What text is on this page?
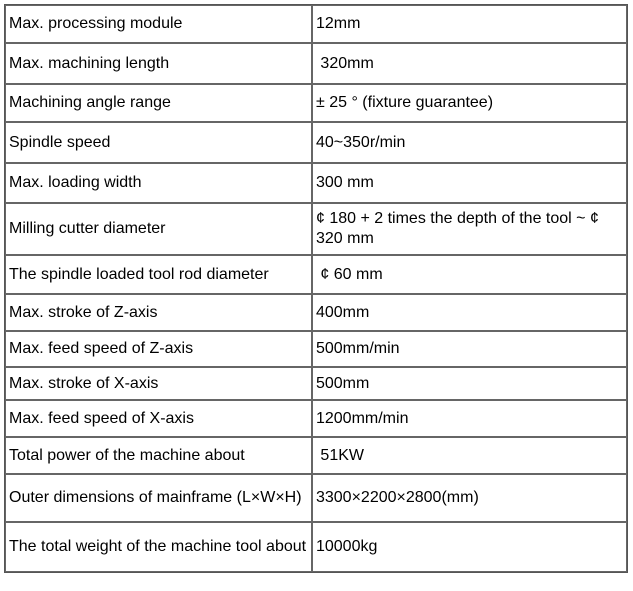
Max. processing module	12mm
Max. machining length	320mm
Machining angle range	± 25 ° (fixture guarantee)
Spindle speed	40~350r/min
Max. loading width	300 mm
Milling cutter diameter	¢ 180 + 2 times the depth of the tool ~ ¢ 320 mm
The spindle loaded tool rod diameter	¢ 60 mm
Max. stroke of Z-axis	400mm
Max. feed speed of Z-axis	500mm/min
Max. stroke of X-axis	500mm
Max. feed speed of X-axis	1200mm/min
Total power of the machine about	51KW
Outer dimensions of mainframe (L×W×H)	3300×2200×2800(mm)
The total weight of the machine tool about	10000kg
